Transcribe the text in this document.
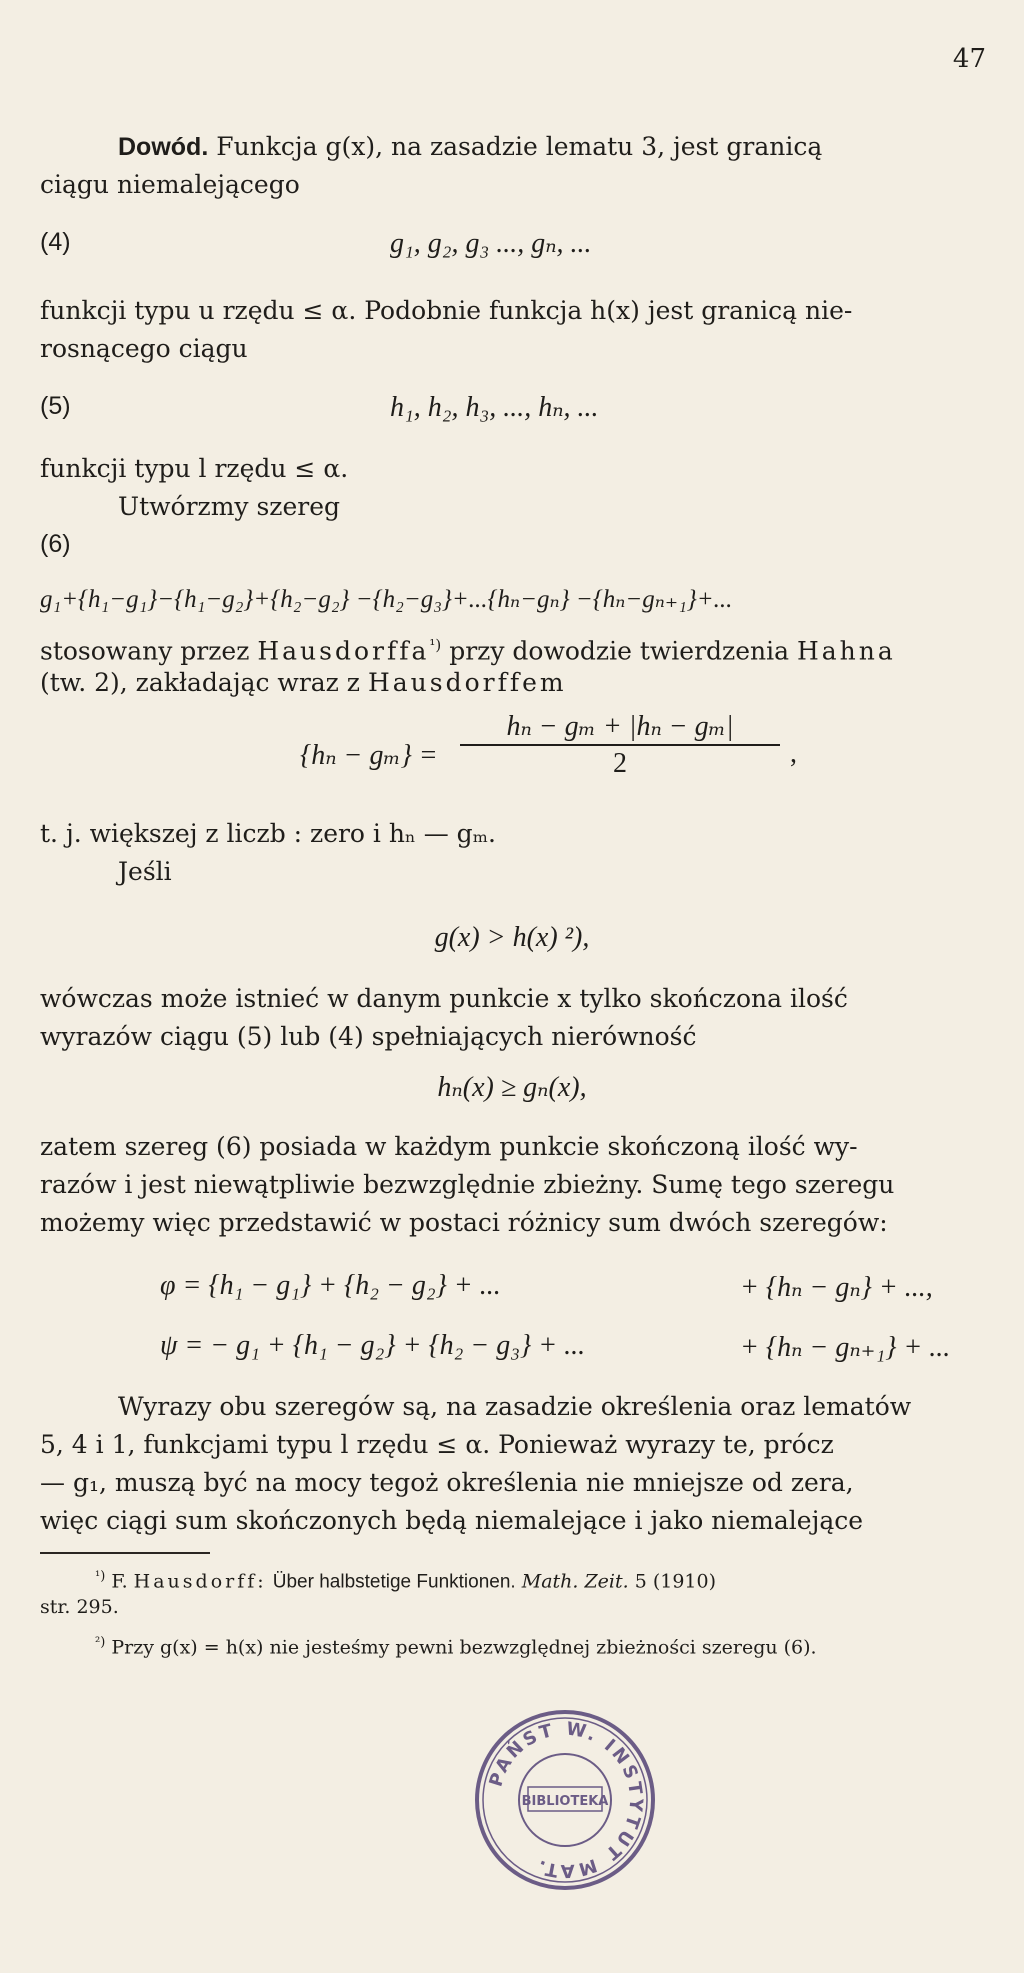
47
Dowód. Funkcja g(x), na zasadzie lematu 3, jest granicą
ciągu niemalejącego
(4)	g₁, g₂, g₃ ..., gₙ, ...
funkcji typu u rzędu ≤ α. Podobnie funkcja h(x) jest granicą nie-
rosnącego ciągu
(5)	h₁, h₂, h₃, ..., hₙ, ...
funkcji typu l rzędu ≤ α.
Utwórzmy szereg
(6)
g₁+{h₁−g₁}−{h₁−g₂}+{h₂−g₂} −{h₂−g₃}+...{hₙ−gₙ} −{hₙ−gₙ₊₁}+...
stosowany przez Hausdorffa$^{^1)}$ przy dowodzie twierdzenia Hahna
(tw. 2), zakładając wraz z Hausdorffem
{hₙ − gₘ} =
hₙ − gₘ + |hₙ − gₘ|
2	,
t. j. większej z liczb : zero i hₙ — gₘ.
Jeśli
g(x) > h(x) ²),
wówczas może istnieć w danym punkcie x tylko skończona ilość
wyrazów ciągu (5) lub (4) spełniających nierówność
hₙ(x) ≥ gₙ(x),
zatem szereg (6) posiada w każdym punkcie skończoną ilość wy-
razów i jest niewątpliwie bezwzględnie zbieżny. Sumę tego szeregu
możemy więc przedstawić w postaci różnicy sum dwóch szeregów:
φ = {h₁ − g₁} + {h₂ − g₂} + ...	+ {hₙ − gₙ} + ...,
ψ = − g₁ + {h₁ − g₂} + {h₂ − g₃} + ...	+ {hₙ − gₙ₊₁} + ...
Wyrazy obu szeregów są, na zasadzie określenia oraz lematów
5, 4 i 1, funkcjami typu l rzędu ≤ α. Ponieważ wyrazy te, prócz
— g₁, muszą być na mocy tegoż określenia nie mniejsze od zera,
więc ciągi sum skończonych będą niemalejące i jako niemalejące
$^{^1)}$ F. Hausdorff: Über halbstetige Funktionen. Math. Zeit. 5 (1910)
str. 295.
$^{^2)}$ Przy g(x) = h(x) nie jesteśmy pewni bezwzględnej zbieżności szeregu (6).
PAŃST W. INSTYTUT MAT.
BIBLIOTEKA
